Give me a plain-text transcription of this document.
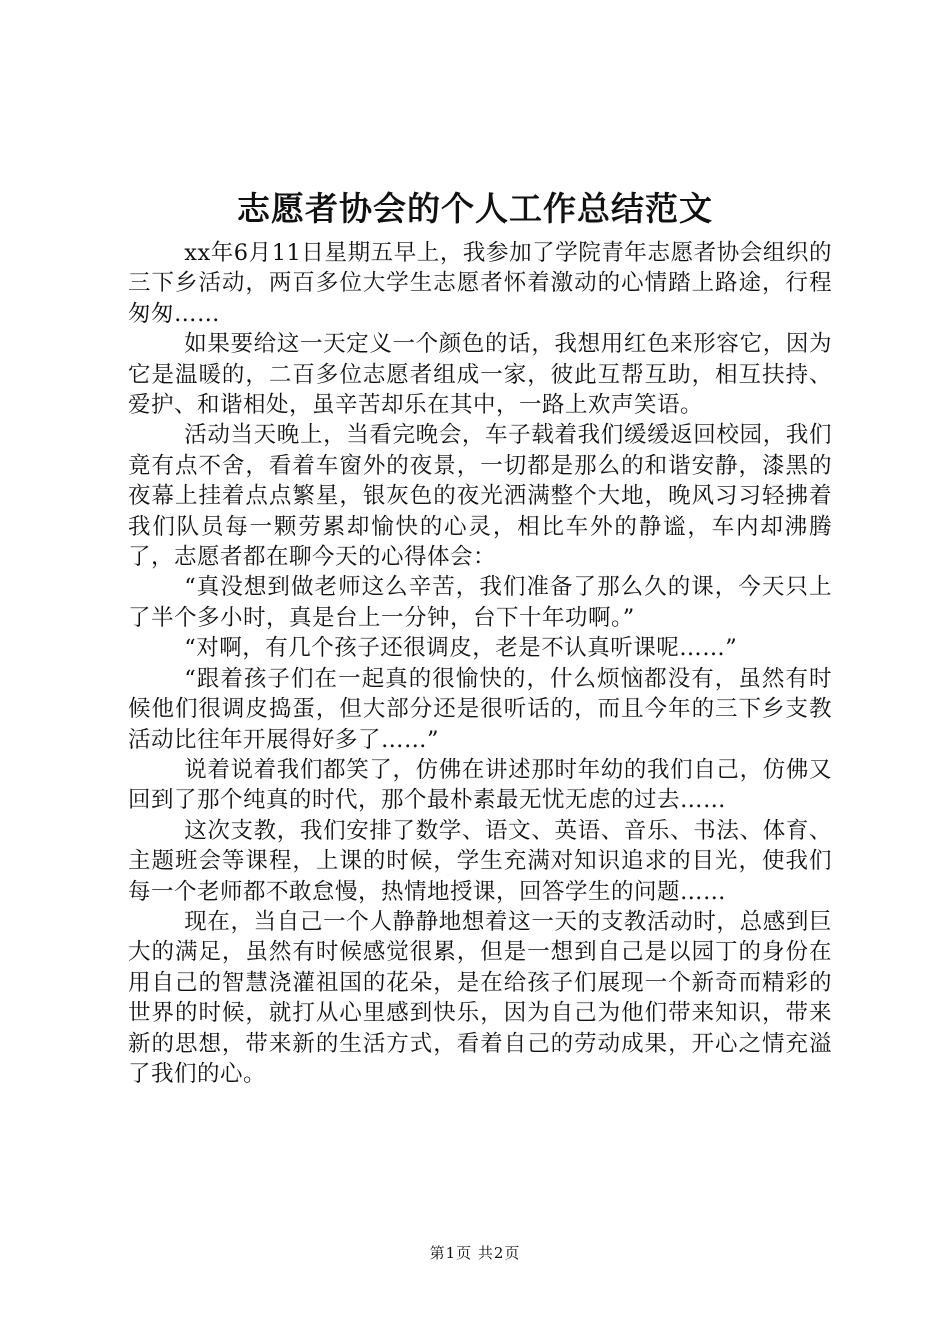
志愿者协会的个人工作总结范文

xx年6月11日星期五早上，我参加了学院青年志愿者协会组织的三下乡活动，两百多位大学生志愿者怀着激动的心情踏上路途，行程匆匆……

如果要给这一天定义一个颜色的话，我想用红色来形容它，因为它是温暖的，二百多位志愿者组成一家，彼此互帮互助，相互扶持、爱护、和谐相处，虽辛苦却乐在其中，一路上欢声笑语。

活动当天晚上，当看完晚会，车子载着我们缓缓返回校园，我们竟有点不舍，看着车窗外的夜景，一切都是那么的和谐安静，漆黑的夜幕上挂着点点繁星，银灰色的夜光洒满整个大地，晚风习习轻拂着我们队员每一颗劳累却愉快的心灵，相比车外的静谧，车内却沸腾了，志愿者都在聊今天的心得体会：

“真没想到做老师这么辛苦，我们准备了那么久的课，今天只上了半个多小时，真是台上一分钟，台下十年功啊。”

“对啊，有几个孩子还很调皮，老是不认真听课呢……”

“跟着孩子们在一起真的很愉快的，什么烦恼都没有，虽然有时候他们很调皮捣蛋，但大部分还是很听话的，而且今年的三下乡支教活动比往年开展得好多了……”

说着说着我们都笑了，仿佛在讲述那时年幼的我们自己，仿佛又回到了那个纯真的时代，那个最朴素最无忧无虑的过去……

这次支教，我们安排了数学、语文、英语、音乐、书法、体育、主题班会等课程，上课的时候，学生充满对知识追求的目光，使我们每一个老师都不敢怠慢，热情地授课，回答学生的问题……

现在，当自己一个人静静地想着这一天的支教活动时，总感到巨大的满足，虽然有时候感觉很累，但是一想到自己是以园丁的身份在用自己的智慧浇灌祖国的花朵，是在给孩子们展现一个新奇而精彩的世界的时候，就打从心里感到快乐，因为自己为他们带来知识，带来新的思想，带来新的生活方式，看着自己的劳动成果，开心之情充溢了我们的心。

第1页 共2页
